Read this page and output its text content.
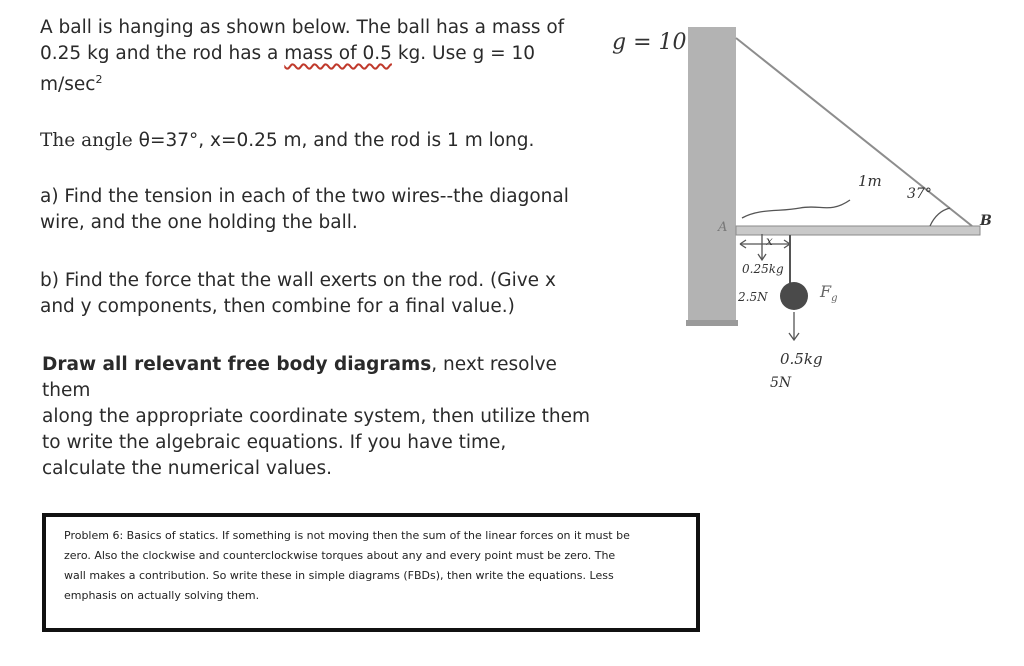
A ball is hanging as shown below. The ball has a mass of
0.25 kg and the rod has a mass of 0.5 kg. Use g = 10
$m/\sec^2$
The angle θ=37°, x=0.25 m, and the rod is 1 m long.
a) Find the tension in each of the two wires--the diagonal
wire, and the one holding the ball.
b) Find the force that the wall exerts on the rod. (Give x
and y components, then combine for a final value.)
Draw all relevant free body diagrams, next resolve them
along the appropriate coordinate system, then utilize them
to write the algebraic equations. If you have time,
calculate the numerical values.
Problem 6: Basics of statics. If something is not moving then the sum of the linear forces on it must be
zero. Also the clockwise and counterclockwise torques about any and every point must be zero. The
wall makes a contribution. So write these in simple diagrams (FBDs), then write the equations. Less
emphasis on actually solving them.
g = 10
A	B
$F_g$
1m
37°
x
0.25kg
2.5N
0.5kg
5N
